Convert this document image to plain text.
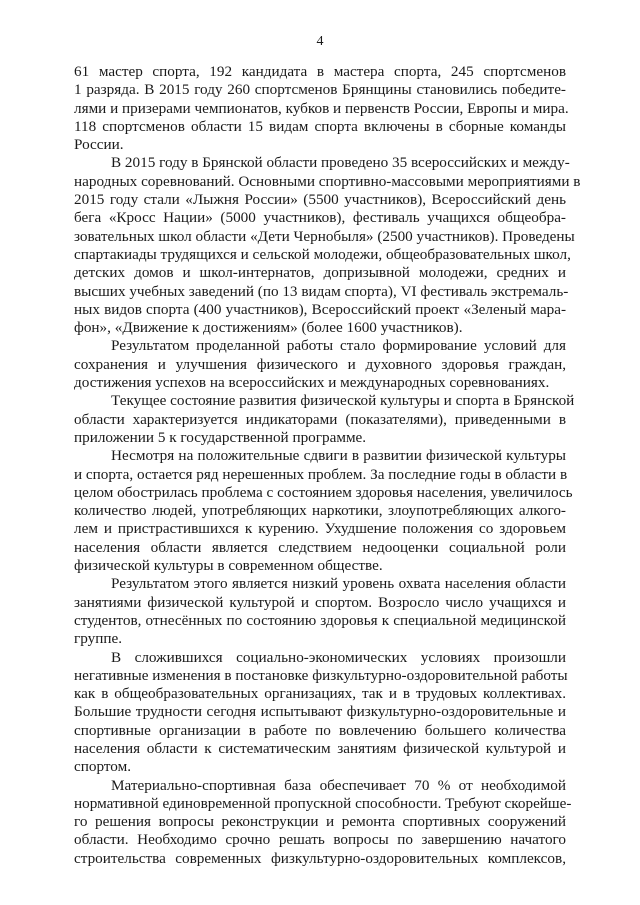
4
61 мастер спорта, 192 кандидата в мастера спорта, 245 спортсменов
1 разряда. В 2015 году 260 спортсменов Брянщины становились победите-
лями и призерами чемпионатов, кубков и первенств России, Европы и мира.
118 спортсменов области 15 видам спорта включены в сборные команды
России.
В 2015 году в Брянской области проведено 35 всероссийских и между-
народных соревнований. Основными спортивно-массовыми мероприятиями в
2015 году стали «Лыжня России» (5500 участников), Всероссийский день
бега «Кросс Нации» (5000 участников), фестиваль учащихся общеобра-
зовательных школ области «Дети Чернобыля» (2500 участников). Проведены
спартакиады трудящихся и сельской молодежи, общеобразовательных школ,
детских домов и школ-интернатов, допризывной молодежи, средних и
высших учебных заведений (по 13 видам спорта), VI фестиваль экстремаль-
ных видов спорта (400 участников), Всероссийский проект «Зеленый мара-
фон», «Движение к достижениям» (более 1600 участников).
Результатом проделанной работы стало формирование условий для
сохранения и улучшения физического и духовного здоровья граждан,
достижения успехов на всероссийских и международных соревнованиях.
Текущее состояние развития физической культуры и спорта в Брянской
области характеризуется индикаторами (показателями), приведенными в
приложении 5 к государственной программе.
Несмотря на положительные сдвиги в развитии физической культуры
и спорта, остается ряд нерешенных проблем. За последние годы в области в
целом обострилась проблема с состоянием здоровья населения, увеличилось
количество людей, употребляющих наркотики, злоупотребляющих алкого-
лем и пристрастившихся к курению. Ухудшение положения со здоровьем
населения области является следствием недооценки социальной роли
физической культуры в современном обществе.
Результатом этого является низкий уровень охвата населения области
занятиями физической культурой и спортом. Возросло число учащихся и
студентов, отнесённых по состоянию здоровья к специальной медицинской
группе.
В сложившихся социально-экономических условиях произошли
негативные изменения в постановке физкультурно-оздоровительной работы
как в общеобразовательных организациях, так и в трудовых коллективах.
Большие трудности сегодня испытывают физкультурно-оздоровительные и
спортивные организации в работе по вовлечению большего количества
населения области к систематическим занятиям физической культурой и
спортом.
Материально-спортивная база обеспечивает 70 % от необходимой
нормативной единовременной пропускной способности. Требуют скорейше-
го решения вопросы реконструкции и ремонта спортивных сооружений
области. Необходимо срочно решать вопросы по завершению начатого
строительства современных физкультурно-оздоровительных комплексов,
